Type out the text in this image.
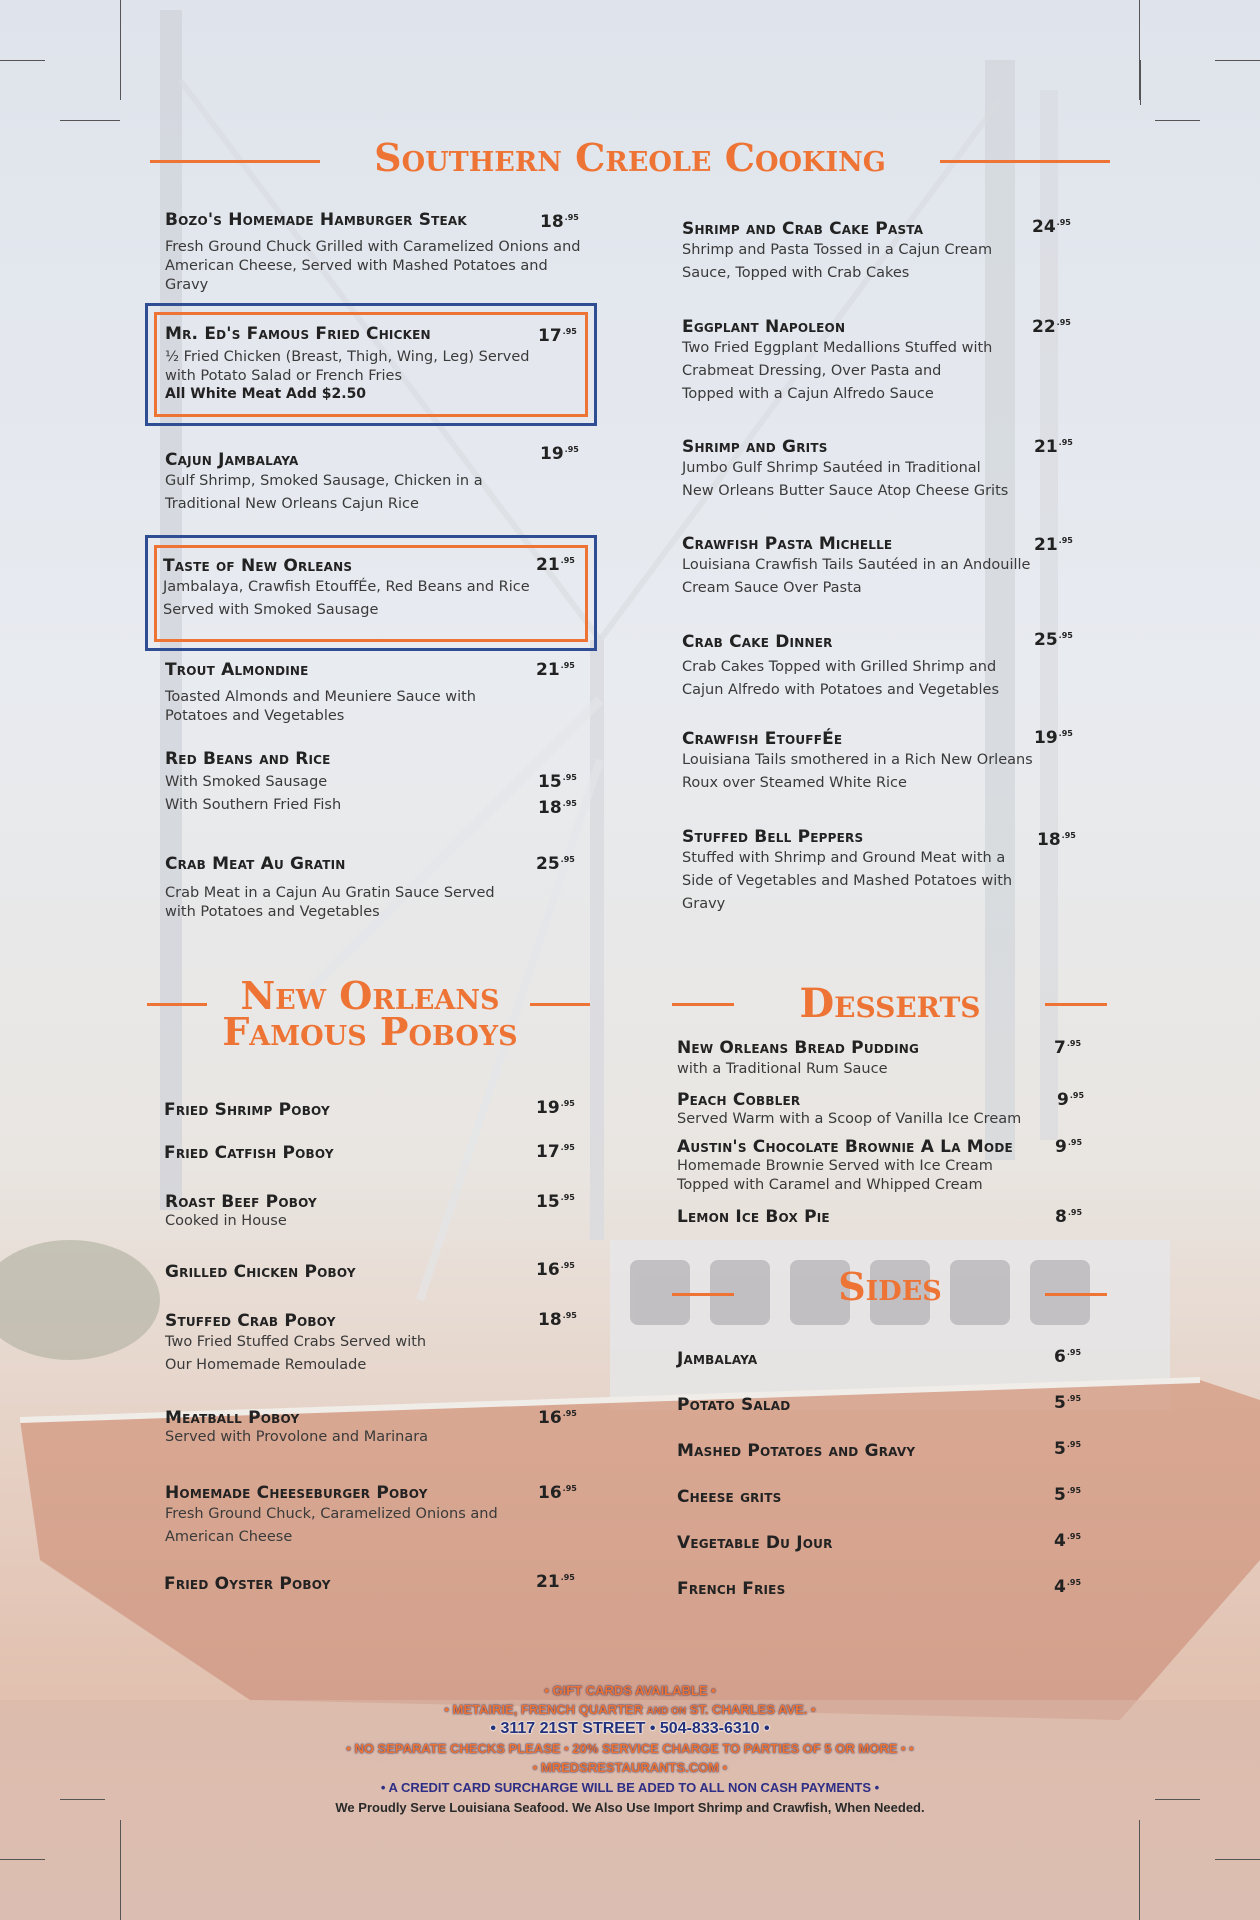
Southern Creole Cooking
Bozo's Homemade Hamburger Steak
Fresh Ground Chuck Grilled with Caramelized Onions and
American Cheese, Served with Mashed Potatoes and
Gravy
$18^{.95}$
Mr. Ed's Famous Fried Chicken
½ Fried Chicken (Breast, Thigh, Wing, Leg) Served
with Potato Salad or French Fries
All White Meat Add $2.50
$17^{.95}$
Cajun Jambalaya
Gulf Shrimp, Smoked Sausage, Chicken in a
Traditional New Orleans Cajun Rice
$19^{.95}$
Taste of New Orleans
Jambalaya, Crawfish EtouffÉe, Red Beans and Rice
Served with Smoked Sausage
$21^{.95}$
Trout Almondine
Toasted Almonds and Meuniere Sauce with
Potatoes and Vegetables
$21^{.95}$
Red Beans and Rice
With Smoked Sausage
With Southern Fried Fish
$15^{.95}$
$18^{.95}$
Crab Meat Au Gratin
Crab Meat in a Cajun Au Gratin Sauce Served
with Potatoes and Vegetables
$25^{.95}$
Shrimp and Crab Cake Pasta
Shrimp and Pasta Tossed in a Cajun Cream
Sauce, Topped with Crab Cakes
$24^{.95}$
Eggplant Napoleon
Two Fried Eggplant Medallions Stuffed with
Crabmeat Dressing, Over Pasta and
Topped with a Cajun Alfredo Sauce
$22^{.95}$
Shrimp and Grits
Jumbo Gulf Shrimp Sautéed in Traditional
New Orleans Butter Sauce Atop Cheese Grits
$21^{.95}$
Crawfish Pasta Michelle
Louisiana Crawfish Tails Sautéed in an Andouille
Cream Sauce Over Pasta
$21^{.95}$
Crab Cake Dinner
Crab Cakes Topped with Grilled Shrimp and
Cajun Alfredo with Potatoes and Vegetables
$25^{.95}$
Crawfish EtouffÉe
Louisiana Tails smothered in a Rich New Orleans
Roux over Steamed White Rice
$19^{.95}$
Stuffed Bell Peppers
Stuffed with Shrimp and Ground Meat with a
Side of Vegetables and Mashed Potatoes with
Gravy
$18^{.95}$
New Orleans
Famous Poboys
Fried Shrimp Poboy	$19^{.95}$
Fried Catfish Poboy	$17^{.95}$
Roast Beef Poboy
Cooked in House
$15^{.95}$
Grilled Chicken Poboy	$16^{.95}$
Stuffed Crab Poboy
Two Fried Stuffed Crabs Served with
Our Homemade Remoulade
$18^{.95}$
Meatball Poboy
Served with Provolone and Marinara
$16^{.95}$
Homemade Cheeseburger Poboy
Fresh Ground Chuck, Caramelized Onions and
American Cheese
$16^{.95}$
Fried Oyster Poboy	$21^{.95}$
Desserts
New Orleans Bread Pudding
with a Traditional Rum Sauce
$7^{.95}$
Peach Cobbler
Served Warm with a Scoop of Vanilla Ice Cream
$9^{.95}$
Austin's Chocolate Brownie A La Mode
Homemade Brownie Served with Ice Cream
Topped with Caramel and Whipped Cream
$9^{.95}$
Lemon Ice Box Pie	$8^{.95}$
Sides
Jambalaya	$6^{.95}$
Potato Salad	$5^{.95}$
Mashed Potatoes and Gravy	$5^{.95}$
Cheese grits	$5^{.95}$
Vegetable Du Jour	$4^{.95}$
French Fries	$4^{.95}$
• GIFT CARDS AVAILABLE •
• METAIRIE, FRENCH QUARTER AND ON ST. CHARLES AVE. •
• 3117 21ST STREET • 504-833-6310 •
• NO SEPARATE CHECKS PLEASE • 20% SERVICE CHARGE TO PARTIES OF 5 OR MORE • •
• MREDSRESTAURANTS.COM •
• A CREDIT CARD SURCHARGE WILL BE ADED TO ALL NON CASH PAYMENTS •
We Proudly Serve Louisiana Seafood. We Also Use Import Shrimp and Crawfish, When Needed.
